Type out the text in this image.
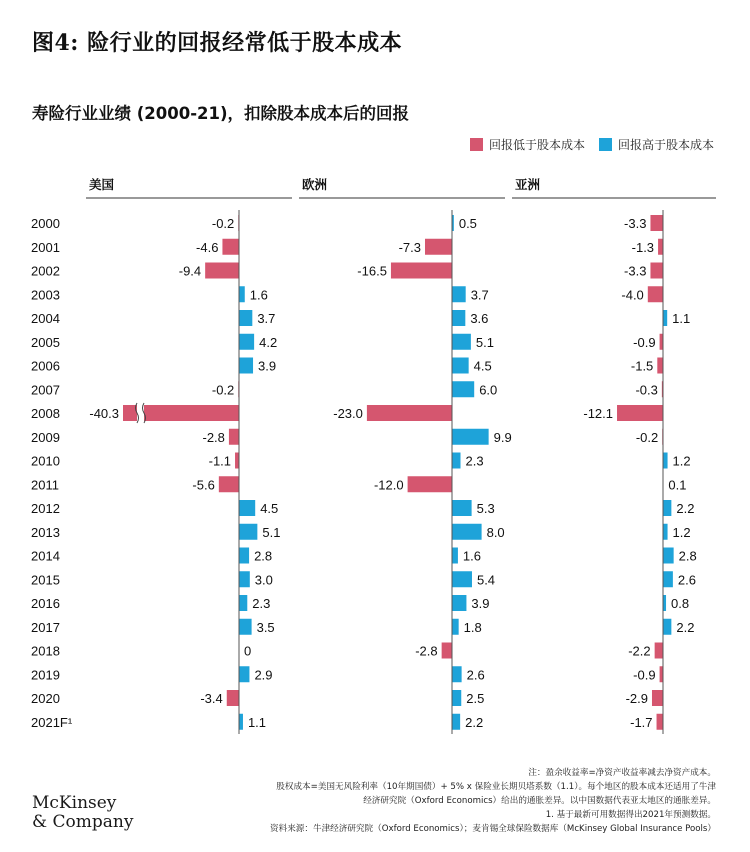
图4: 险行业的回报经常低于股本成本
寿险行业业绩 (2000-21)，扣除股本成本后的回报
回报低于股本成本	回报高于股本成本
2000
2001
2002
2003
2004
2005
2006
2007
2008
2009
2010
2011
2012
2013
2014
2015
2016
2017
2018
2019
2020
2021F¹
美国
-0.2
-4.6
-9.4
1.6
3.7
4.2
3.9
-0.2
-40.3
-2.8
-1.1
-5.6
4.5
5.1
2.8
3.0
2.3
3.5
0
2.9
-3.4
1.1
欧洲
0.5
-7.3
-16.5
3.7
3.6
5.1
4.5
6.0
-23.0
9.9
2.3
-12.0
5.3
8.0
1.6
5.4
3.9
1.8
-2.8
2.6
2.5
2.2
亚洲
-3.3
-1.3
-3.3
-4.0
1.1
-0.9
-1.5
-0.3
-12.1
-0.2
1.2
0.1
2.2
1.2
2.8
2.6
0.8
2.2
-2.2
-0.9
-2.9
-1.7
注：盈余收益率=净资产收益率减去净资产成本。
股权成本=美国无风险利率（10年期国债）+ 5% x 保险业长期贝塔系数（1.1）。每个地区的股本成本还适用了牛津
经济研究院（Oxford Economics）给出的通胀差异。以中国数据代表亚太地区的通胀差异。
1. 基于最新可用数据得出2021年预测数据。
资料来源：牛津经济研究院（Oxford Economics）；麦肯锡全球保险数据库（McKinsey Global Insurance Pools）
McKinsey
& Company
